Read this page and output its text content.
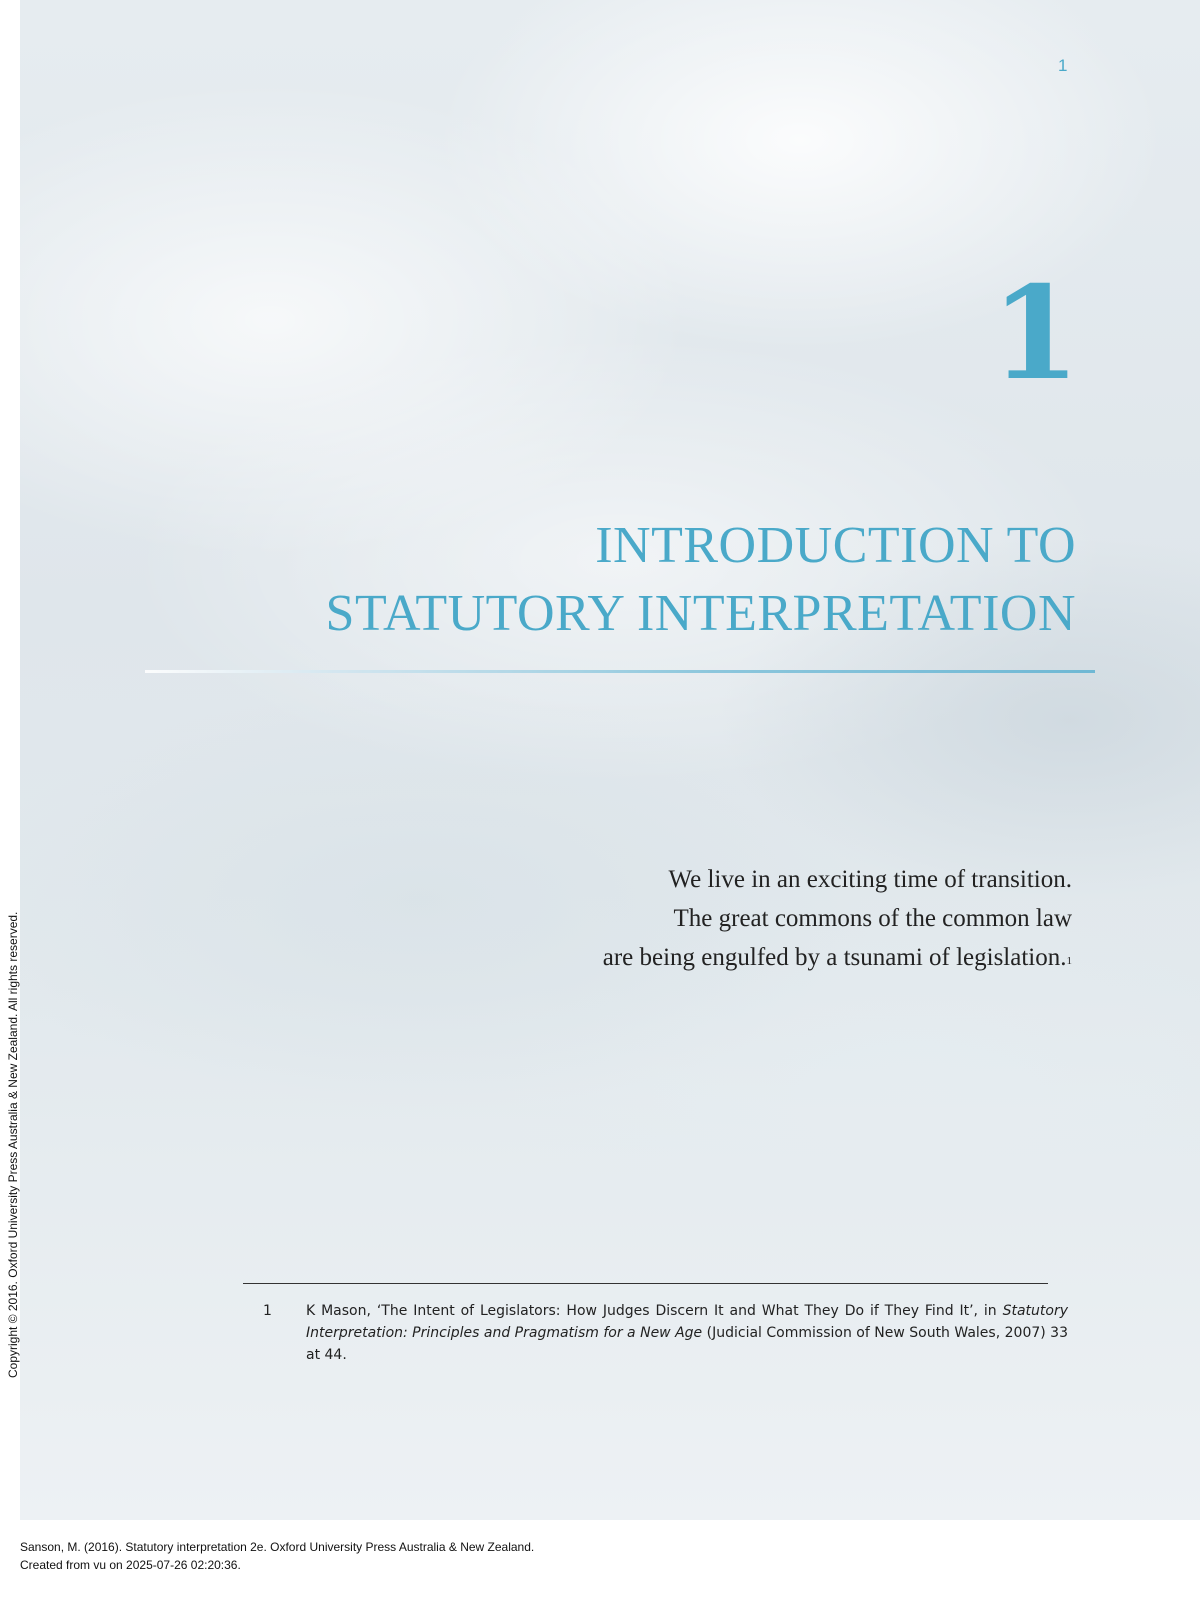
1
1
INTRODUCTION TO
STATUTORY INTERPRETATION
We live in an exciting time of transition.
The great commons of the common law
are being engulfed by a tsunami of legislation.$^1$
1 K Mason, ‘The Intent of Legislators: How Judges Discern It and What They Do if They Find It’, in Statutory Interpretation: Principles and Pragmatism for a New Age (Judicial Commission of New South Wales, 2007) 33 at 44.
Copyright © 2016. Oxford University Press Australia & New Zealand. All rights reserved.
Sanson, M. (2016). Statutory interpretation 2e. Oxford University Press Australia & New Zealand.
Created from vu on 2025-07-26 02:20:36.
